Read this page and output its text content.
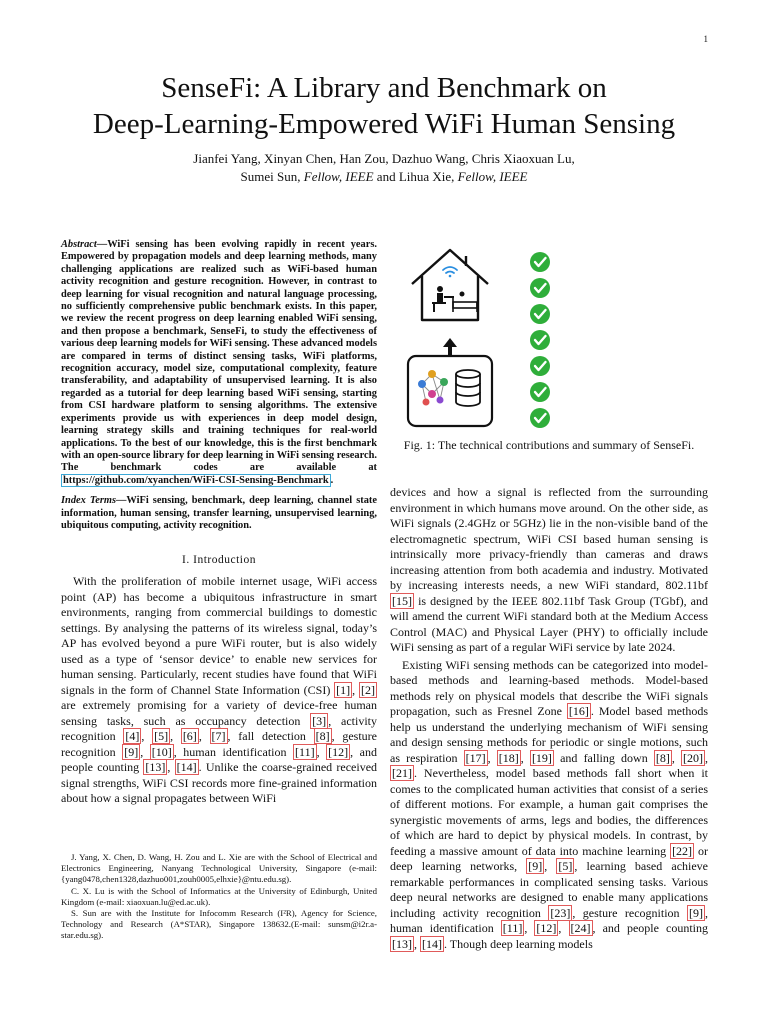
1
SenseFi: A Library and Benchmark on
Deep-Learning-Empowered WiFi Human Sensing
Jianfei Yang, Xinyan Chen, Han Zou, Dazhuo Wang, Chris Xiaoxuan Lu,
Sumei Sun, Fellow, IEEE and Lihua Xie, Fellow, IEEE
Abstract—WiFi sensing has been evolving rapidly in recent years. Empowered by propagation models and deep learning methods, many challenging applications are realized such as WiFi-based human activity recognition and gesture recognition. However, in contrast to deep learning for visual recognition and natural language processing, no sufficiently comprehensive public benchmark exists. In this paper, we review the recent progress on deep learning enabled WiFi sensing, and then propose a benchmark, SenseFi, to study the effectiveness of various deep learning models for WiFi sensing. These advanced models are compared in terms of distinct sensing tasks, WiFi platforms, recognition accuracy, model size, computational complexity, feature transferability, and adaptability of unsupervised learning. It is also regarded as a tutorial for deep learning based WiFi sensing, starting from CSI hardware platform to sensing algorithms. The extensive experiments provide us with experiences in deep model design, learning strategy skills and training techniques for real-world applications. To the best of our knowledge, this is the first benchmark with an open-source library for deep learning in WiFi sensing research. The benchmark codes are available at https://github.com/xyanchen/WiFi-CSI-Sensing-Benchmark .
Index Terms—WiFi sensing, benchmark, deep learning, channel state information, human sensing, transfer learning, unsupervised learning, ubiquitous computing, activity recognition.
I. Introduction

With the proliferation of mobile internet usage, WiFi access point (AP) has become a ubiquitous infrastructure in smart environments, ranging from commercial buildings to domestic settings. By analysing the patterns of its wireless signal, today’s AP has evolved beyond a pure WiFi router, but is also widely used as a type of ‘sensor device’ to enable new services for human sensing. Particularly, recent studies have found that WiFi signals in the form of Channel State Information (CSI) [1] , [2] are extremely promising for a variety of device-free human sensing tasks, such as occupancy detection [3] , activity recognition [4] , [5] , [6] , [7] , fall detection [8] , gesture recognition [9] , [10] , human identification [11] , [12] , and people counting [13] , [14] . Unlike the coarse-grained received signal strengths, WiFi CSI records more fine-grained information about how a signal propagates between WiFi

J. Yang, X. Chen, D. Wang, H. Zou and L. Xie are with the School of Electrical and Electronics Engineering, Nanyang Technological University, Singapore (e-mail: {yang0478,chen1328,dazhuo001,zouh0005,elhxie}@ntu.edu.sg).

C. X. Lu is with the School of Informatics at the University of Edinburgh, United Kingdom (e-mail: xiaoxuan.lu@ed.ac.uk).

S. Sun are with the Institute for Infocomm Research (I²R), Agency for Science, Technology and Research (A*STAR), Singapore 138632.(E-mail: sunsm@i2r.a-star.edu.sg).

Fig. 1: The technical contributions and summary of SenseFi.

devices and how a signal is reflected from the surrounding environment in which humans move around. On the other side, as WiFi signals (2.4GHz or 5GHz) lie in the non-visible band of the electromagnetic spectrum, WiFi CSI based human sensing is intrinsically more privacy-friendly than cameras and draws increasing attention from both academia and industry. Motivated by increasing interests needs, a new WiFi standard, 802.11bf [15] is designed by the IEEE 802.11bf Task Group (TGbf), and will amend the current WiFi standard both at the Medium Access Control (MAC) and Physical Layer (PHY) to officially include WiFi sensing as part of a regular WiFi service by late 2024.

Existing WiFi sensing methods can be categorized into model-based methods and learning-based methods. Model-based methods rely on physical models that describe the WiFi signals propagation, such as Fresnel Zone [16] . Model based methods help us understand the underlying mechanism of WiFi sensing and design sensing methods for periodic or single motions, such as respiration [17] , [18] , [19] and falling down [8] , [20] , [21] . Nevertheless, model based methods fall short when it comes to the complicated human activities that consist of a series of different motions. For example, a human gait comprises the synergistic movements of arms, legs and bodies, the differences of which are hard to depict by physical models. In contrast, by feeding a massive amount of data into machine learning [22] or deep learning networks, [9] , [5] , learning based achieve remarkable performances in complicated sensing tasks. Various deep neural networks are designed to enable many applications including activity recognition [23] , gesture recognition [9] , human identification [11] , [12] , [24] , and people counting [13] , [14] . Though deep learning models
